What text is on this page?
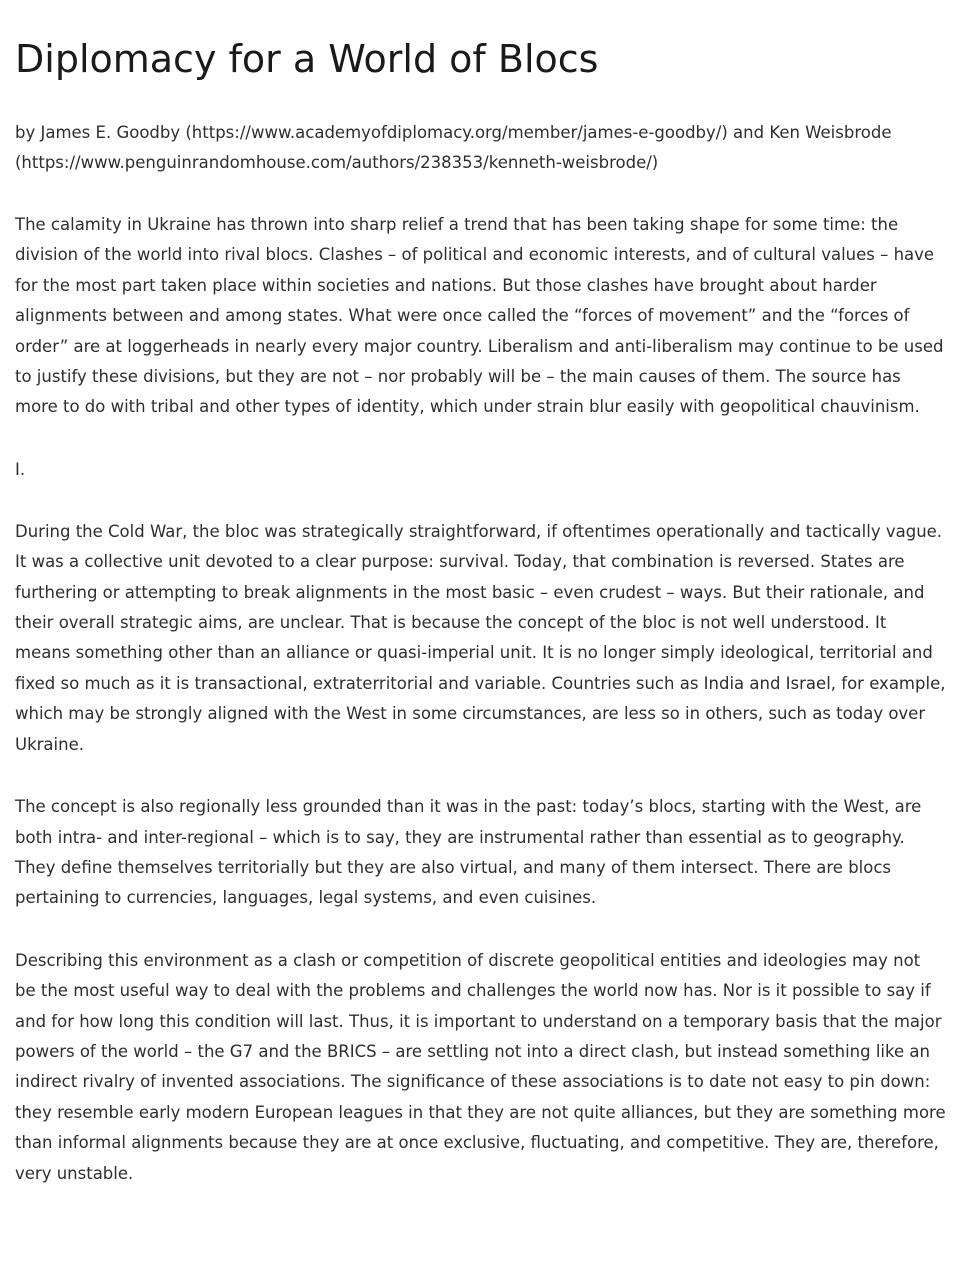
Diplomacy for a World of Blocs

by James E. Goodby (https://www.academyofdiplomacy.org/member/james-e-goodby/) and Ken Weisbrode (https://www.penguinrandomhouse.com/authors/238353/kenneth-weisbrode/)

The calamity in Ukraine has thrown into sharp relief a trend that has been taking shape for some time: the division of the world into rival blocs. Clashes – of political and economic interests, and of cultural values – have for the most part taken place within societies and nations. But those clashes have brought about harder alignments between and among states. What were once called the “forces of movement” and the “forces of order” are at loggerheads in nearly every major country. Liberalism and anti-liberalism may continue to be used to justify these divisions, but they are not – nor probably will be – the main causes of them. The source has more to do with tribal and other types of identity, which under strain blur easily with geopolitical chauvinism.

I.

During the Cold War, the bloc was strategically straightforward, if oftentimes operationally and tactically vague. It was a collective unit devoted to a clear purpose: survival. Today, that combination is reversed. States are furthering or attempting to break alignments in the most basic – even crudest – ways. But their rationale, and their overall strategic aims, are unclear. That is because the concept of the bloc is not well understood. It means something other than an alliance or quasi-imperial unit. It is no longer simply ideological, territorial and fixed so much as it is transactional, extraterritorial and variable. Countries such as India and Israel, for example, which may be strongly aligned with the West in some circumstances, are less so in others, such as today over Ukraine.

The concept is also regionally less grounded than it was in the past: today’s blocs, starting with the West, are both intra- and inter-regional – which is to say, they are instrumental rather than essential as to geography. They define themselves territorially but they are also virtual, and many of them intersect. There are blocs pertaining to currencies, languages, legal systems, and even cuisines.

Describing this environment as a clash or competition of discrete geopolitical entities and ideologies may not be the most useful way to deal with the problems and challenges the world now has. Nor is it possible to say if and for how long this condition will last. Thus, it is important to understand on a temporary basis that the major powers of the world – the G7 and the BRICS – are settling not into a direct clash, but instead something like an indirect rivalry of invented associations. The significance of these associations is to date not easy to pin down: they resemble early modern European leagues in that they are not quite alliances, but they are something more than informal alignments because they are at once exclusive, fluctuating, and competitive. They are, therefore, very unstable.
